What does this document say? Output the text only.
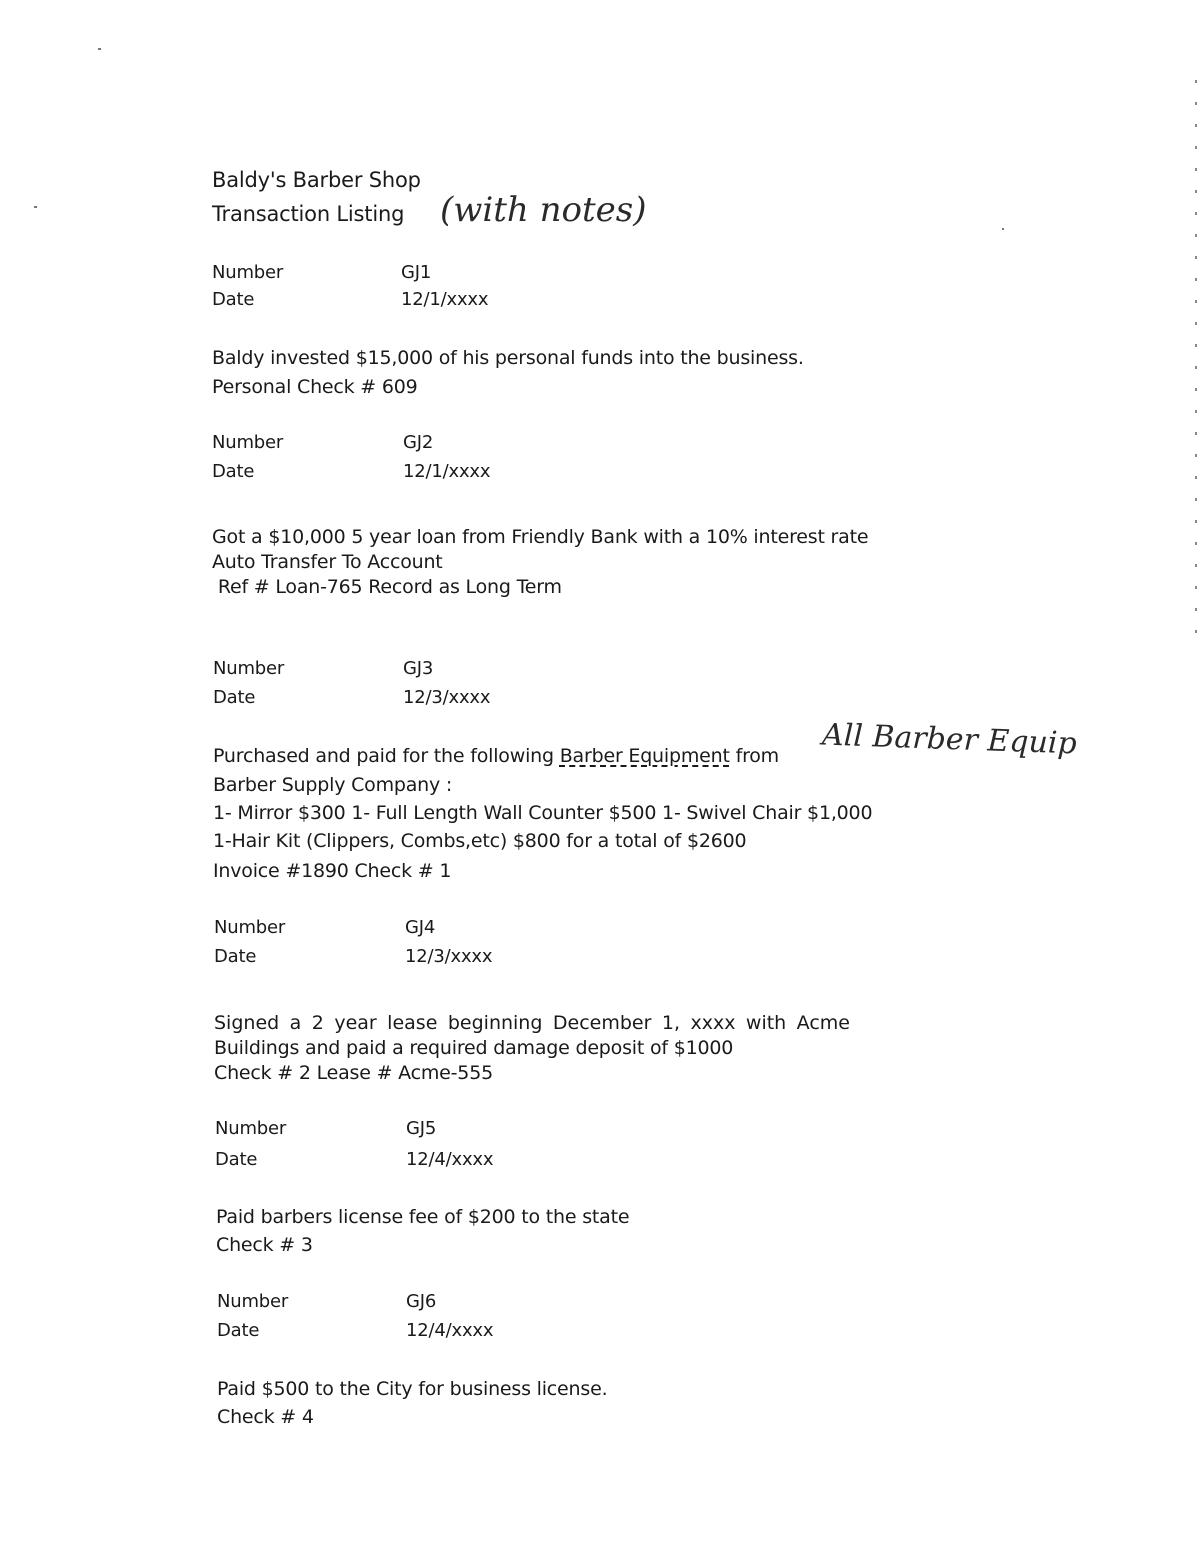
Baldy's Barber Shop
Transaction Listing (with notes)
Number	GJ1
Date	12/1/xxxx
Baldy invested $15,000 of his personal funds into the business.
Personal Check # 609
Number	GJ2
Date	12/1/xxxx
Got a $10,000 5 year loan from Friendly Bank with a 10% interest rate
Auto Transfer To Account
Ref # Loan-765 Record as Long Term
Number	GJ3
Date	12/3/xxxx
Purchased and paid for the following Barber Equipment from All Barber Equip
Barber Supply Company :
1- Mirror $300 1- Full Length Wall Counter $500 1- Swivel Chair $1,000
1-Hair Kit (Clippers, Combs,etc) $800 for a total of $2600
Invoice #1890 Check # 1
Number	GJ4
Date	12/3/xxxx
Signed a 2 year lease beginning December 1, xxxx with Acme
Buildings and paid a required damage deposit of $1000
Check # 2 Lease # Acme-555
Number	GJ5
Date	12/4/xxxx
Paid barbers license fee of $200 to the state
Check # 3
Number	GJ6
Date	12/4/xxxx
Paid $500 to the City for business license.
Check # 4
